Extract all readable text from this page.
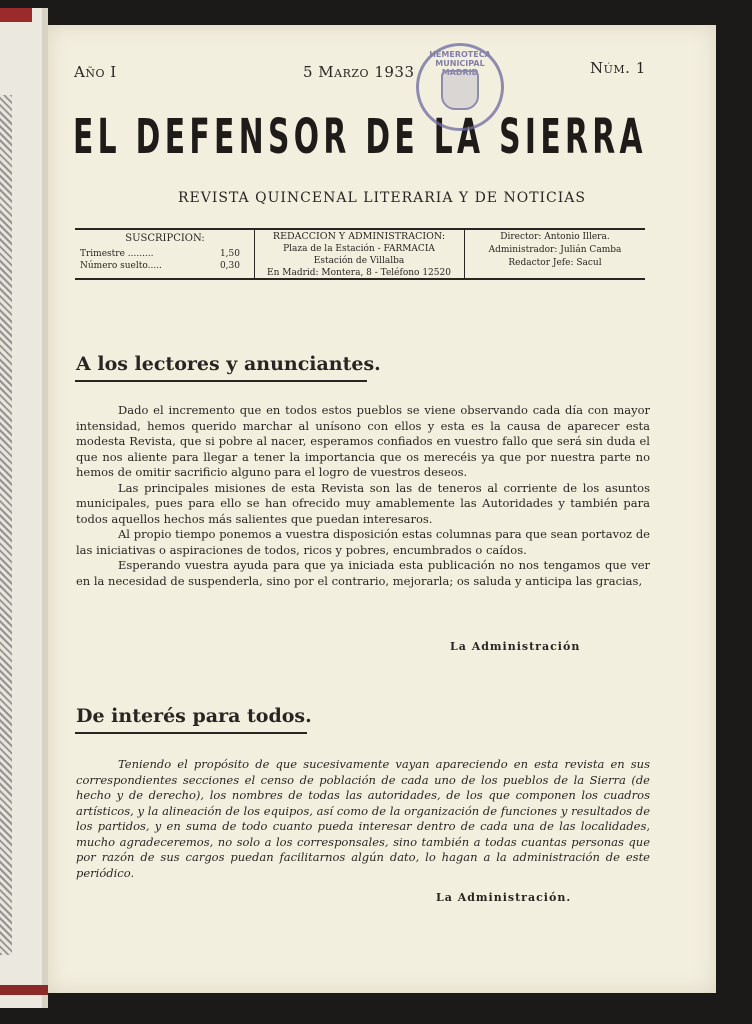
Año I	5 Marzo 1933	Núm. 1
EL DEFENSOR DE LA SIERRA
HEMEROTECA MUNICIPAL MADRID
REVISTA QUINCENAL LITERARIA Y DE NOTICIAS
SUSCRIPCION:
Trimestre .........	1,50
Número suelto.....	0,30
REDACCION Y ADMINISTRACION:
Plaza de la Estación - FARMACIA
Estación de Villalba
En Madrid: Montera, 8 - Teléfono 12520
Director: Antonio Illera.
Administrador: Julián Camba
Redactor Jefe: Sacul
A los lectores y anunciantes.

Dado el incremento que en todos estos pueblos se viene observando cada día con mayor intensidad, hemos querido marchar al unísono con ellos y esta es la causa de aparecer esta modesta Revista, que si pobre al nacer, esperamos confiados en vuestro fallo que será sin duda el que nos aliente para llegar a tener la importancia que os merecéis ya que por nuestra parte no hemos de omitir sacrificio alguno para el logro de vuestros deseos.

Las principales misiones de esta Revista son las de teneros al corriente de los asuntos municipales, pues para ello se han ofrecido muy amablemente las Autoridades y también para todos aquellos hechos más salientes que puedan interesaros.

Al propio tiempo ponemos a vuestra disposición estas columnas para que sean portavoz de las iniciativas o aspiraciones de todos, ricos y pobres, encumbrados o caídos.

Esperando vuestra ayuda para que ya iniciada esta publicación no nos tengamos que ver en la necesidad de suspenderla, sino por el contrario, mejorarla; os saluda y anticipa las gracias,

La Administración
De interés para todos.

Teniendo el propósito de que sucesivamente vayan apareciendo en esta revista en sus correspondientes secciones el censo de población de cada uno de los pueblos de la Sierra (de hecho y de derecho), los nombres de todas las autoridades, de los que componen los cuadros artísticos, y la alineación de los equipos, así como de la organización de funciones y resultados de los partidos, y en suma de todo cuanto pueda interesar dentro de cada una de las localidades, mucho agradeceremos, no solo a los corresponsales, sino también a todas cuantas personas que por razón de sus cargos puedan facilitarnos algún dato, lo hagan a la administración de este periódico.

La Administración.
